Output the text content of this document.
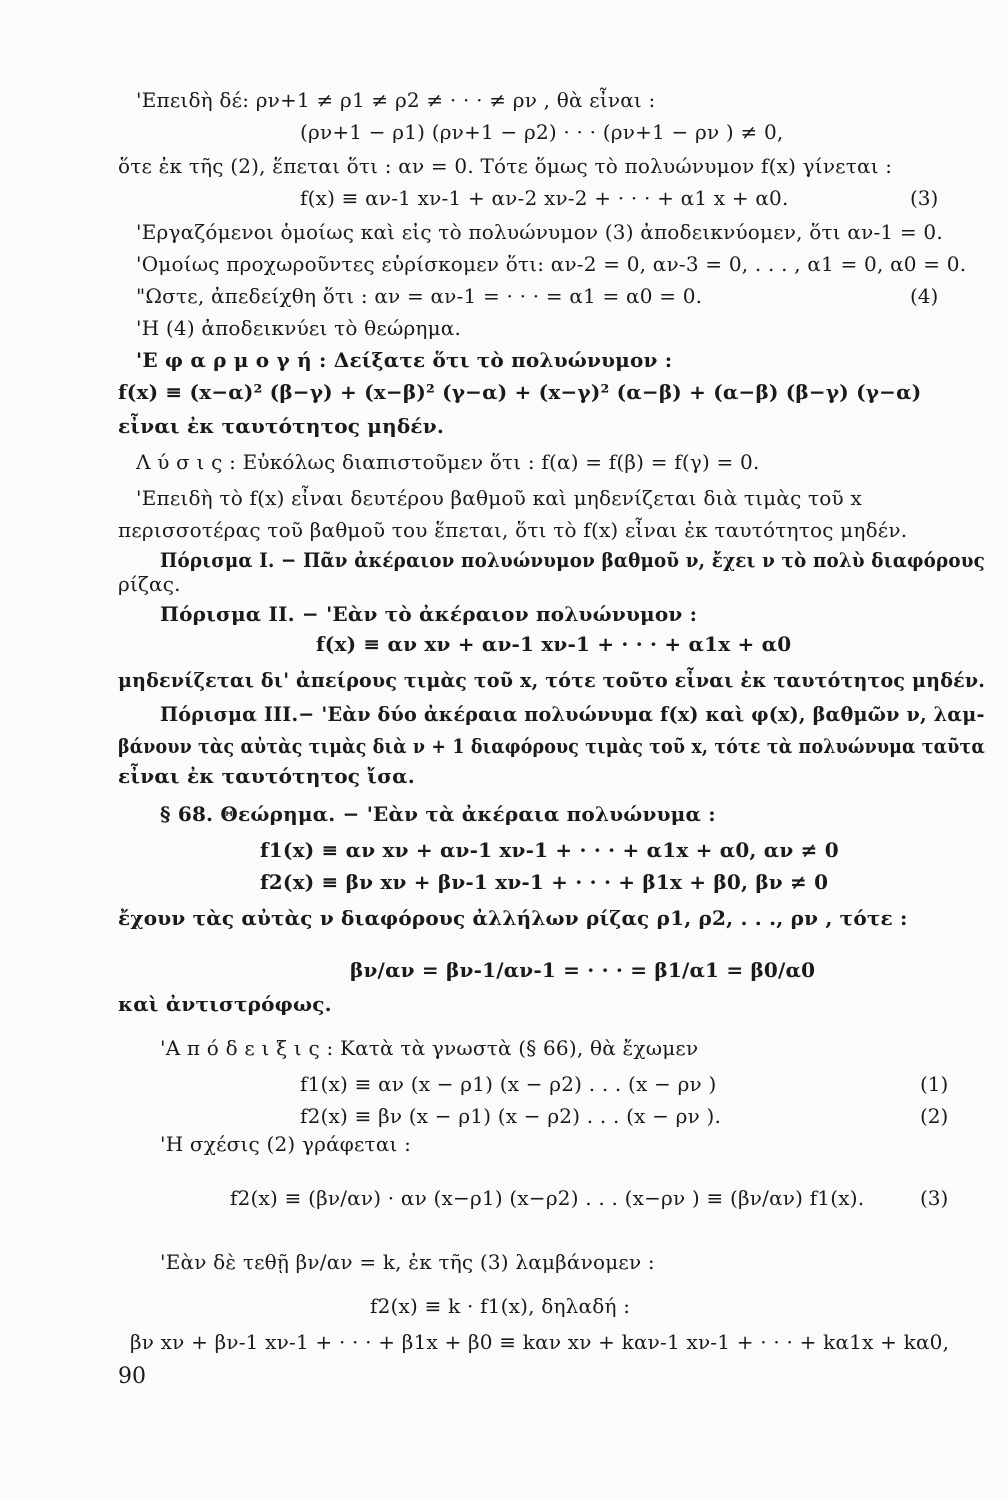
'Επειδὴ δέ: ρν+1 ≠ ρ1 ≠ ρ2 ≠ · · · ≠ ρν , θὰ εἶναι :
(ρν+1 − ρ1) (ρν+1 − ρ2) · · · (ρν+1 − ρν ) ≠ 0,
ὅτε ἐκ τῆς (2), ἕπεται ὅτι : αν = 0. Τότε ὅμως τὸ πολυώνυμον f(x) γίνεται :
f(x) ≡ αν-1 xν-1 + αν-2 xν-2 + · · · + α1 x + α0.	(3)
'Εργαζόμενοι ὁμοίως καὶ εἰς τὸ πολυώνυμον (3) ἀποδεικνύομεν, ὅτι αν-1 = 0.
'Ομοίως προχωροῦντες εὑρίσκομεν ὅτι: αν-2 = 0, αν-3 = 0, . . . , α1 = 0, α0 = 0.
"Ωστε, ἀπεδείχθη ὅτι : αν = αν-1 = · · · = α1 = α0 = 0.	(4)
'Η (4) ἀποδεικνύει τὸ θεώρημα.
'Ε φ α ρ μ ο γ ή : Δείξατε ὅτι τὸ πολυώνυμον :
f(x) ≡ (x−α)² (β−γ) + (x−β)² (γ−α) + (x−γ)² (α−β) + (α−β) (β−γ) (γ−α)
εἶναι ἐκ ταυτότητος μηδέν.
Λ ύ σ ι ς : Εὐκόλως διαπιστοῦμεν ὅτι : f(α) = f(β) = f(γ) = 0.
'Επειδὴ τὸ f(x) εἶναι δευτέρου βαθμοῦ καὶ μηδενίζεται διὰ τιμὰς τοῦ x
περισσοτέρας τοῦ βαθμοῦ του ἕπεται, ὅτι τὸ f(x) εἶναι ἐκ ταυτότητος μηδέν.
Πόρισμα I. − Πᾶν ἀκέραιον πολυώνυμον βαθμοῦ ν, ἔχει ν τὸ πολὺ διαφόρους
ρίζας.
Πόρισμα II. − 'Εὰν τὸ ἀκέραιον πολυώνυμον :
f(x) ≡ αν xν + αν-1 xν-1 + · · · + α1x + α0
μηδενίζεται δι' ἀπείρους τιμὰς τοῦ x, τότε τοῦτο εἶναι ἐκ ταυτότητος μηδέν.
Πόρισμα III.− 'Εὰν δύο ἀκέραια πολυώνυμα f(x) καὶ φ(x), βαθμῶν ν, λαμ-
βάνουν τὰς αὐτὰς τιμὰς διὰ ν + 1 διαφόρους τιμὰς τοῦ x, τότε τὰ πολυώνυμα ταῦτα
εἶναι ἐκ ταυτότητος ἴσα.
§ 68. Θεώρημα. − 'Εὰν τὰ ἀκέραια πολυώνυμα :
f1(x) ≡ αν xν + αν-1 xν-1 + · · · + α1x + α0, αν ≠ 0
f2(x) ≡ βν xν + βν-1 xν-1 + · · · + β1x + β0, βν ≠ 0
ἔχουν τὰς αὐτὰς ν διαφόρους ἀλλήλων ρίζας ρ1, ρ2, . . ., ρν , τότε :
βν/αν = βν-1/αν-1 = · · · = β1/α1 = β0/α0
καὶ ἀντιστρόφως.
'Α π ό δ ε ι ξ ι ς : Κατὰ τὰ γνωστὰ (§ 66), θὰ ἔχωμεν
f1(x) ≡ αν (x − ρ1) (x − ρ2) . . . (x − ρν )	(1)
f2(x) ≡ βν (x − ρ1) (x − ρ2) . . . (x − ρν ).	(2)
'Η σχέσις (2) γράφεται :
f2(x) ≡ (βν/αν) · αν (x−ρ1) (x−ρ2) . . . (x−ρν ) ≡ (βν/αν) f1(x).	(3)
'Εὰν δὲ τεθῇ βν/αν = k, ἐκ τῆς (3) λαμβάνομεν :
f2(x) ≡ k · f1(x), δηλαδή :
βν xν + βν-1 xν-1 + · · · + β1x + β0 ≡ kαν xν + kαν-1 xν-1 + · · · + kα1x + kα0,
90
